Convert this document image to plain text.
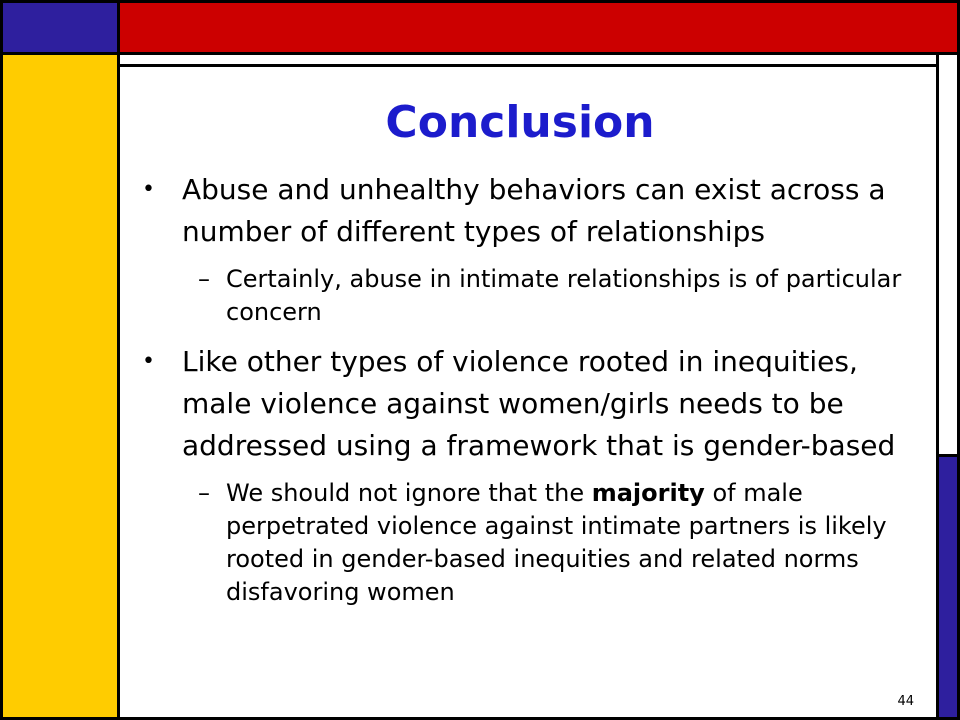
Conclusion
• Abuse and unhealthy behaviors can exist across a number of different types of relationships
– Certainly, abuse in intimate relationships is of particular concern
• Like other types of violence rooted in inequities, male violence against women/girls needs to be addressed using a framework that is gender-based
– We should not ignore that the majority of male perpetrated violence against intimate partners is likely rooted in gender-based inequities and related norms disfavoring women
44
